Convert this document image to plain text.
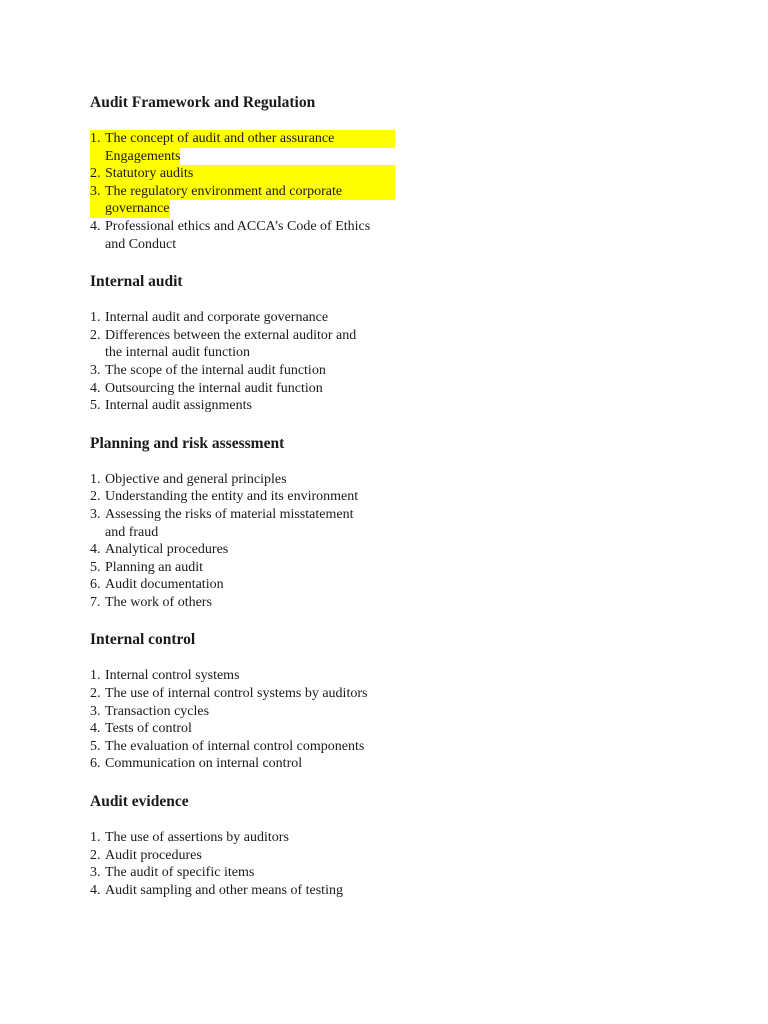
Audit Framework and Regulation
1. The concept of audit and other assurance
Engagements
2. Statutory audits
3. The regulatory environment and corporate
governance
4. Professional ethics and ACCA’s Code of Ethics
and Conduct
Internal audit
1. Internal audit and corporate governance
2. Differences between the external auditor and
the internal audit function
3. The scope of the internal audit function
4. Outsourcing the internal audit function
5. Internal audit assignments
Planning and risk assessment
1. Objective and general principles
2. Understanding the entity and its environment
3. Assessing the risks of material misstatement
and fraud
4. Analytical procedures
5. Planning an audit
6. Audit documentation
7. The work of others
Internal control
1. Internal control systems
2. The use of internal control systems by auditors
3. Transaction cycles
4. Tests of control
5. The evaluation of internal control components
6. Communication on internal control
Audit evidence
1. The use of assertions by auditors
2. Audit procedures
3. The audit of specific items
4. Audit sampling and other means of testing
